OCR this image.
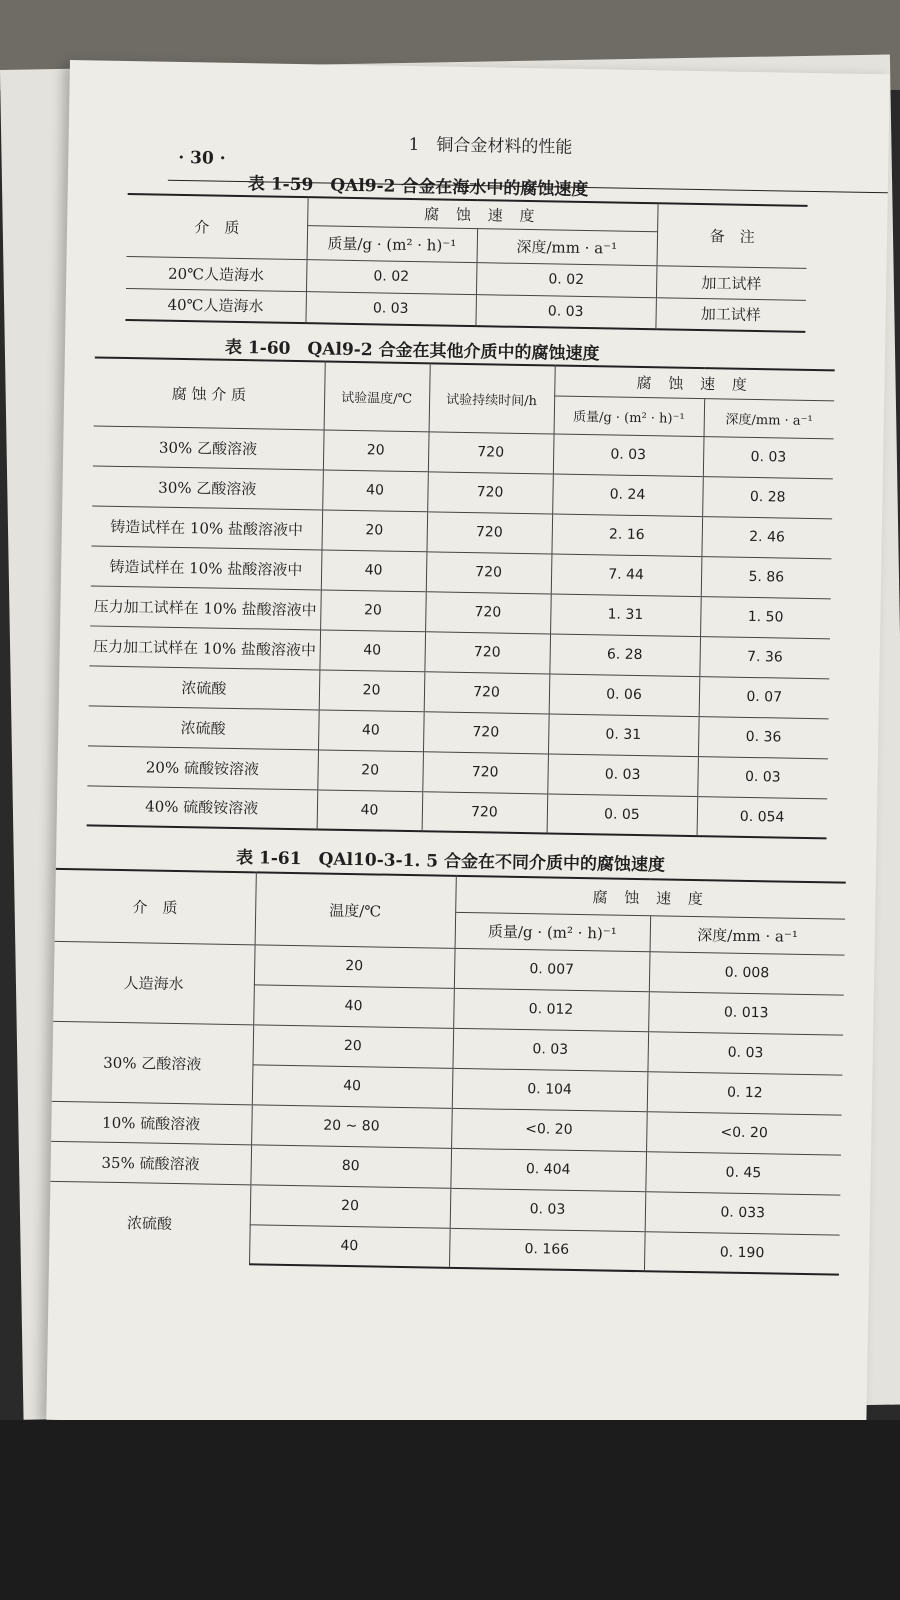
· 30 ·
1　铜合金材料的性能
表 1-59　QAl9-2 合金在海水中的腐蚀速度
介　质	腐 蚀 速 度		备　注
	质量/g · (m² · h)⁻¹	深度/mm · a⁻¹	
20℃人造海水	0. 02	0. 02	加工试样
40℃人造海水	0. 03	0. 03	加工试样
表 1-60　QAl9-2 合金在其他介质中的腐蚀速度
腐 蚀 介 质	试验温度/℃	试验持续时间/h	腐 蚀 速 度	
			质量/g · (m² · h)⁻¹	深度/mm · a⁻¹
30% 乙酸溶液	20	720	0. 03	0. 03
30% 乙酸溶液	40	720	0. 24	0. 28
铸造试样在 10% 盐酸溶液中	20	720	2. 16	2. 46
铸造试样在 10% 盐酸溶液中	40	720	7. 44	5. 86
压力加工试样在 10% 盐酸溶液中	20	720	1. 31	1. 50
压力加工试样在 10% 盐酸溶液中	40	720	6. 28	7. 36
浓硫酸	20	720	0. 06	0. 07
浓硫酸	40	720	0. 31	0. 36
20% 硫酸铵溶液	20	720	0. 03	0. 03
40% 硫酸铵溶液	40	720	0. 05	0. 054
表 1-61　QAl10-3-1. 5 合金在不同介质中的腐蚀速度
介　质	温度/℃	腐 蚀 速 度	
		质量/g · (m² · h)⁻¹	深度/mm · a⁻¹
人造海水	20	0. 007	0. 008
	40	0. 012	0. 013
30% 乙酸溶液	20	0. 03	0. 03
	40	0. 104	0. 12
10% 硫酸溶液	20 ~ 80	<0. 20	<0. 20
35% 硫酸溶液	80	0. 404	0. 45
浓硫酸	20	0. 03	0. 033
	40	0. 166	0. 190
